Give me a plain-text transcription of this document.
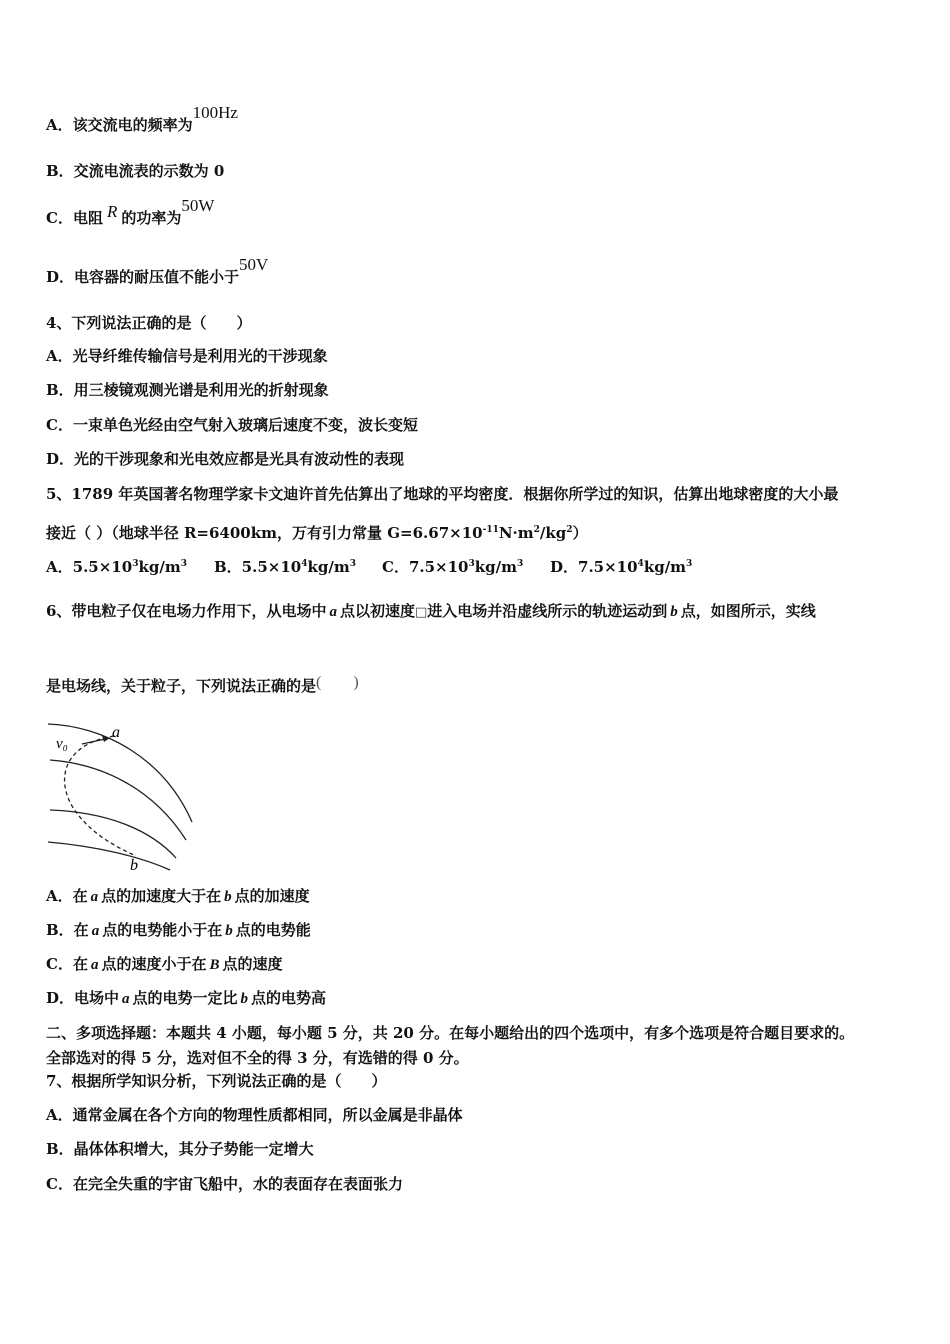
A．该交流电的频率为100Hz
B．交流电流表的示数为 0
C．电阻 R 的功率为50W
D．电容器的耐压值不能小于50V
4、下列说法正确的是（　　）
A．光导纤维传输信号是利用光的干涉现象
B．用三棱镜观测光谱是利用光的折射现象
C．一束单色光经由空气射入玻璃后速度不变，波长变短
D．光的干涉现象和光电效应都是光具有波动性的表现
5、1789 年英国著名物理学家卡文迪许首先估算出了地球的平均密度．根据你所学过的知识，估算出地球密度的大小最
接近（ ）（地球半径 R=6400km，万有引力常量 $G=6.67\times 10^{-11}N\cdot m^2/kg^2$）
A．$5.5\times 10^3kg/m^3$ B．$5.5\times 10^4kg/m^3$ C．$7.5\times 10^3kg/m^3$ D．$7.5\times 10^4kg/m^3$
6、带电粒子仅在电场力作用下，从电场中 a 点以初速度□进入电场并沿虚线所示的轨迹运动到 b 点，如图所示，实线
是电场线，关于粒子，下列说法正确的是(　　)
v₀
a
b
A．在 a 点的加速度大于在 b 点的加速度
B．在 a 点的电势能小于在 b 点的电势能
C．在 a 点的速度小于在 B 点的速度
D．电场中 a 点的电势一定比 b 点的电势高
二、多项选择题：本题共 4 小题，每小题 5 分，共 20 分。在每小题给出的四个选项中，有多个选项是符合题目要求的。
全部选对的得 5 分，选对但不全的得 3 分，有选错的得 0 分。
7、根据所学知识分析，下列说法正确的是（　　）
A．通常金属在各个方向的物理性质都相同，所以金属是非晶体
B．晶体体积增大，其分子势能一定增大
C．在完全失重的宇宙飞船中，水的表面存在表面张力
